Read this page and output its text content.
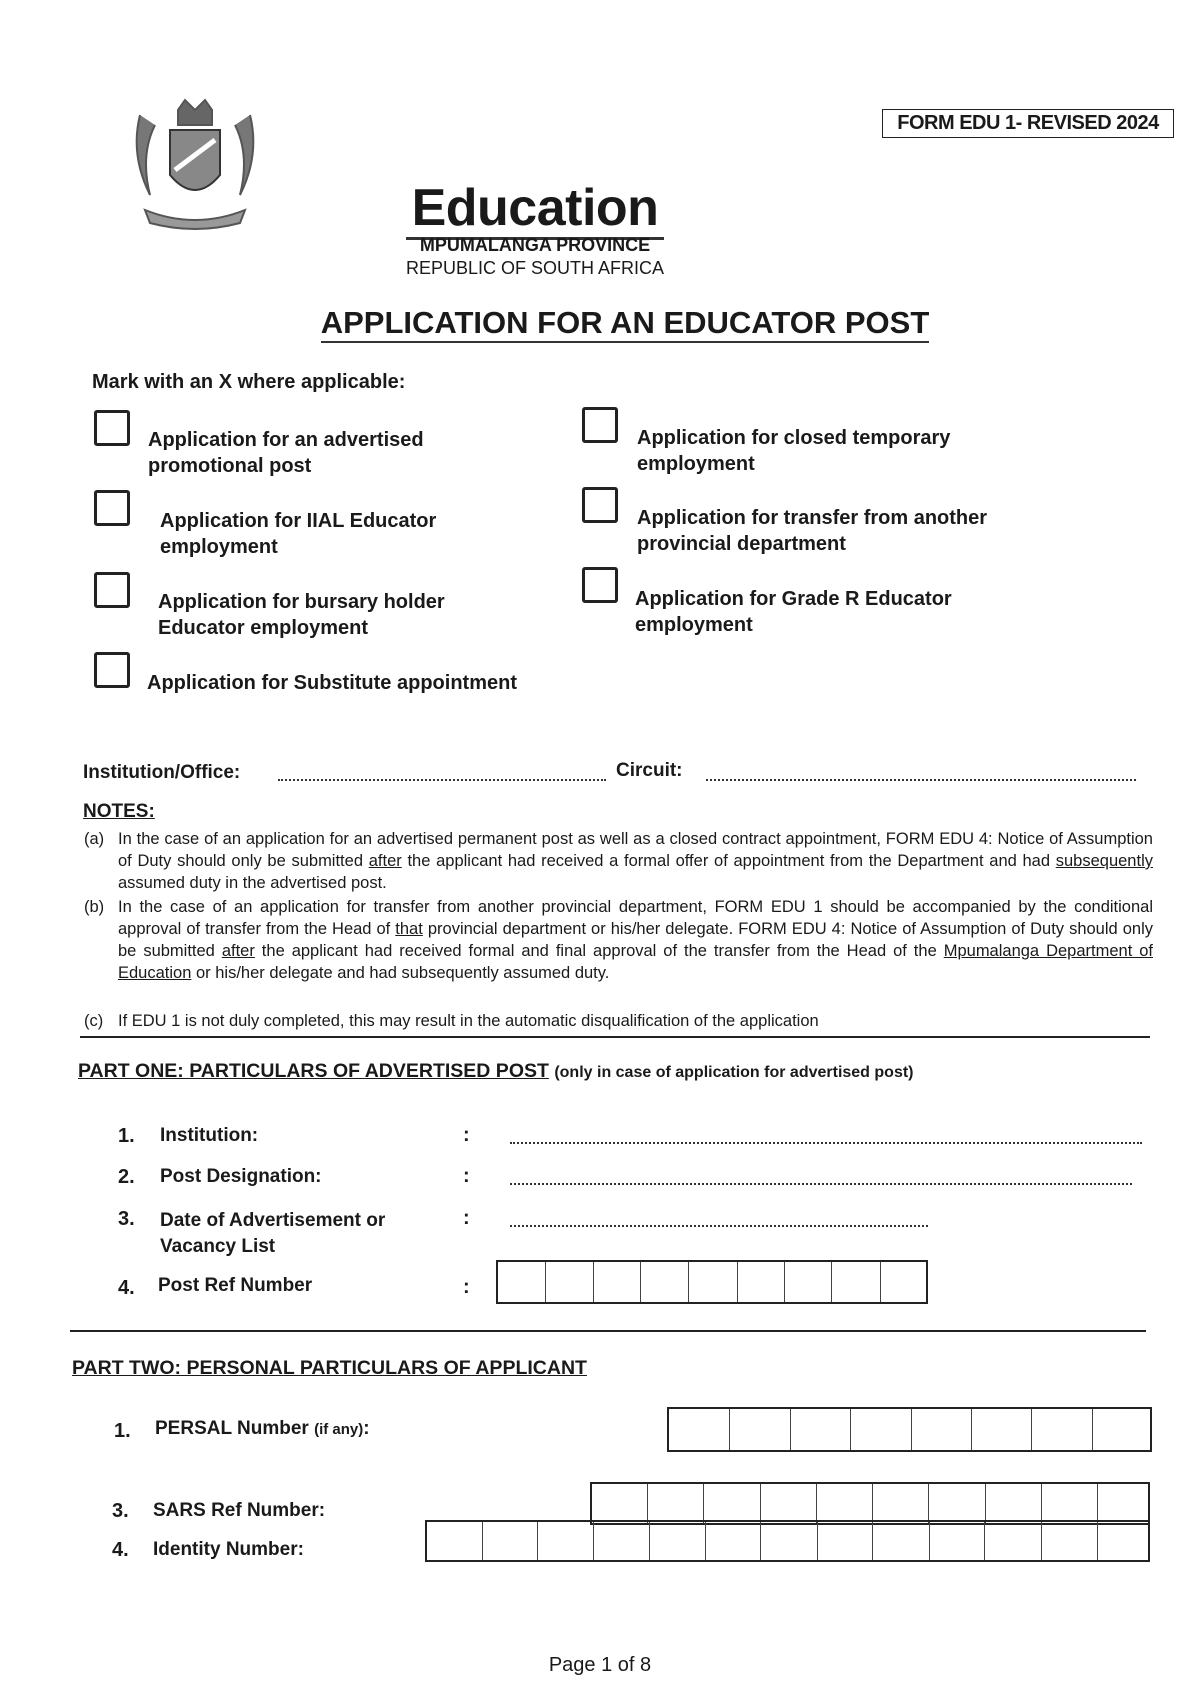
FORM EDU 1- REVISED 2024
Education
MPUMALANGA PROVINCE
REPUBLIC OF SOUTH AFRICA
APPLICATION FOR AN EDUCATOR POST
Mark with an X where applicable:
Application for an advertised
promotional post
Application for IIAL Educator
employment
Application for bursary holder
Educator employment
Application for Substitute appointment
Application for closed temporary
employment
Application for transfer from another
provincial department
Application for Grade R Educator
employment
Institution/Office:	Circuit:
NOTES:
(a) In the case of an application for an advertised permanent post as well as a closed contract appointment, FORM EDU 4: Notice of Assumption of Duty should only be submitted after the applicant had received a formal offer of appointment from the Department and had subsequently assumed duty in the advertised post.
(b) In the case of an application for transfer from another provincial department, FORM EDU 1 should be accompanied by the conditional approval of transfer from the Head of that provincial department or his/her delegate. FORM EDU 4: Notice of Assumption of Duty should only be submitted after the applicant had received formal and final approval of the transfer from the Head of the Mpumalanga Department of Education or his/her delegate and had subsequently assumed duty.
(c) If EDU 1 is not duly completed, this may result in the automatic disqualification of the application
PART ONE: PARTICULARS OF ADVERTISED POST (only in case of application for advertised post)
1. Institution:	:
2. Post Designation:	:
3. Date of Advertisement or
Vacancy List
:
4. Post Ref Number	:
PART TWO: PERSONAL PARTICULARS OF APPLICANT
1. PERSAL Number (if any):
3. SARS Ref Number:
4. Identity Number:
Page 1 of 8
